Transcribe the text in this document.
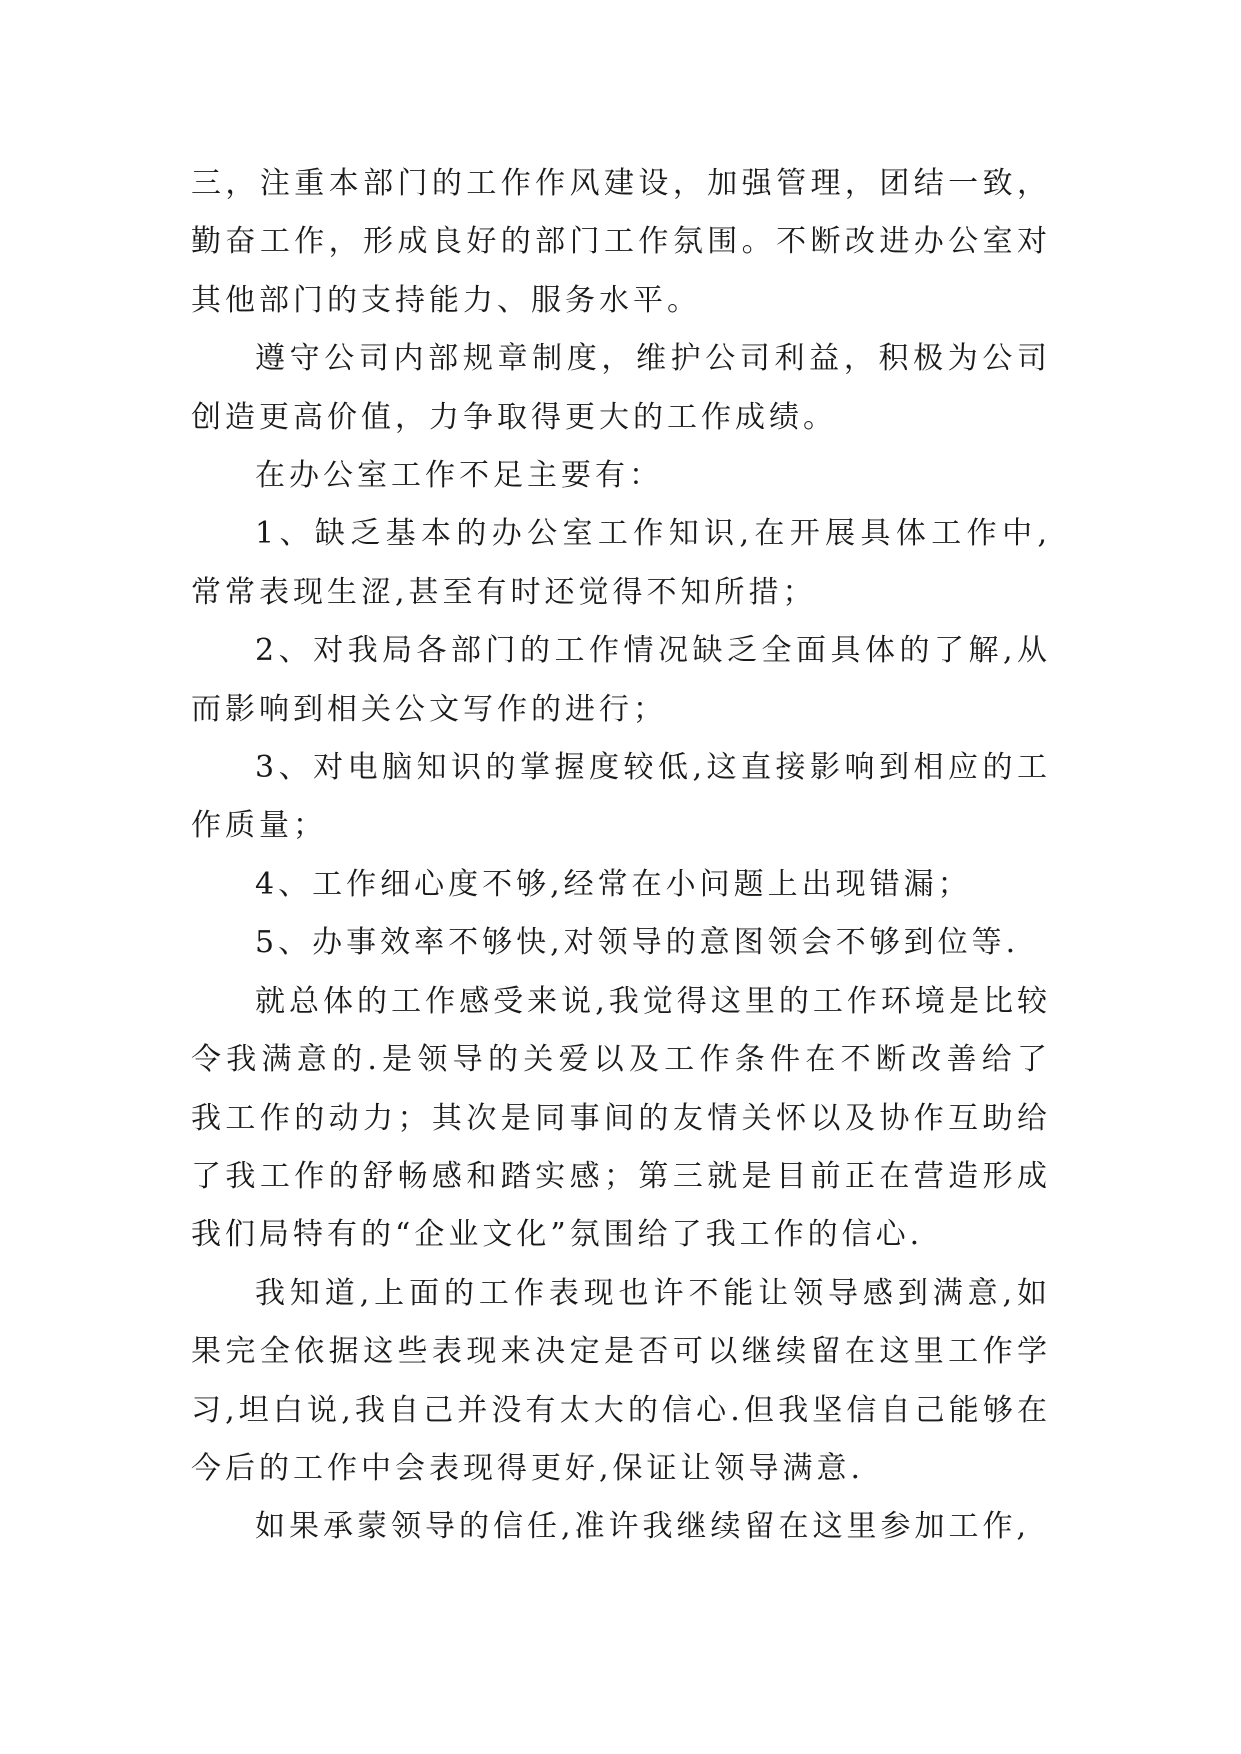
三，注重本部门的工作作风建设，加强管理，团结一致，勤奋工作，形成良好的部门工作氛围。不断改进办公室对其他部门的支持能力、服务水平。

遵守公司内部规章制度，维护公司利益，积极为公司创造更高价值，力争取得更大的工作成绩。

在办公室工作不足主要有：

1、缺乏基本的办公室工作知识,在开展具体工作中,常常表现生涩,甚至有时还觉得不知所措；

2、对我局各部门的工作情况缺乏全面具体的了解,从而影响到相关公文写作的进行；

3、对电脑知识的掌握度较低,这直接影响到相应的工作质量；

4、工作细心度不够,经常在小问题上出现错漏；

5、办事效率不够快,对领导的意图领会不够到位等.

就总体的工作感受来说,我觉得这里的工作环境是比较令我满意的.是领导的关爱以及工作条件在不断改善给了我工作的动力；其次是同事间的友情关怀以及协作互助给了我工作的舒畅感和踏实感；第三就是目前正在营造形成我们局特有的“企业文化”氛围给了我工作的信心.

我知道,上面的工作表现也许不能让领导感到满意,如果完全依据这些表现来决定是否可以继续留在这里工作学习,坦白说,我自己并没有太大的信心.但我坚信自己能够在今后的工作中会表现得更好,保证让领导满意.

如果承蒙领导的信任,准许我继续留在这里参加工作,
